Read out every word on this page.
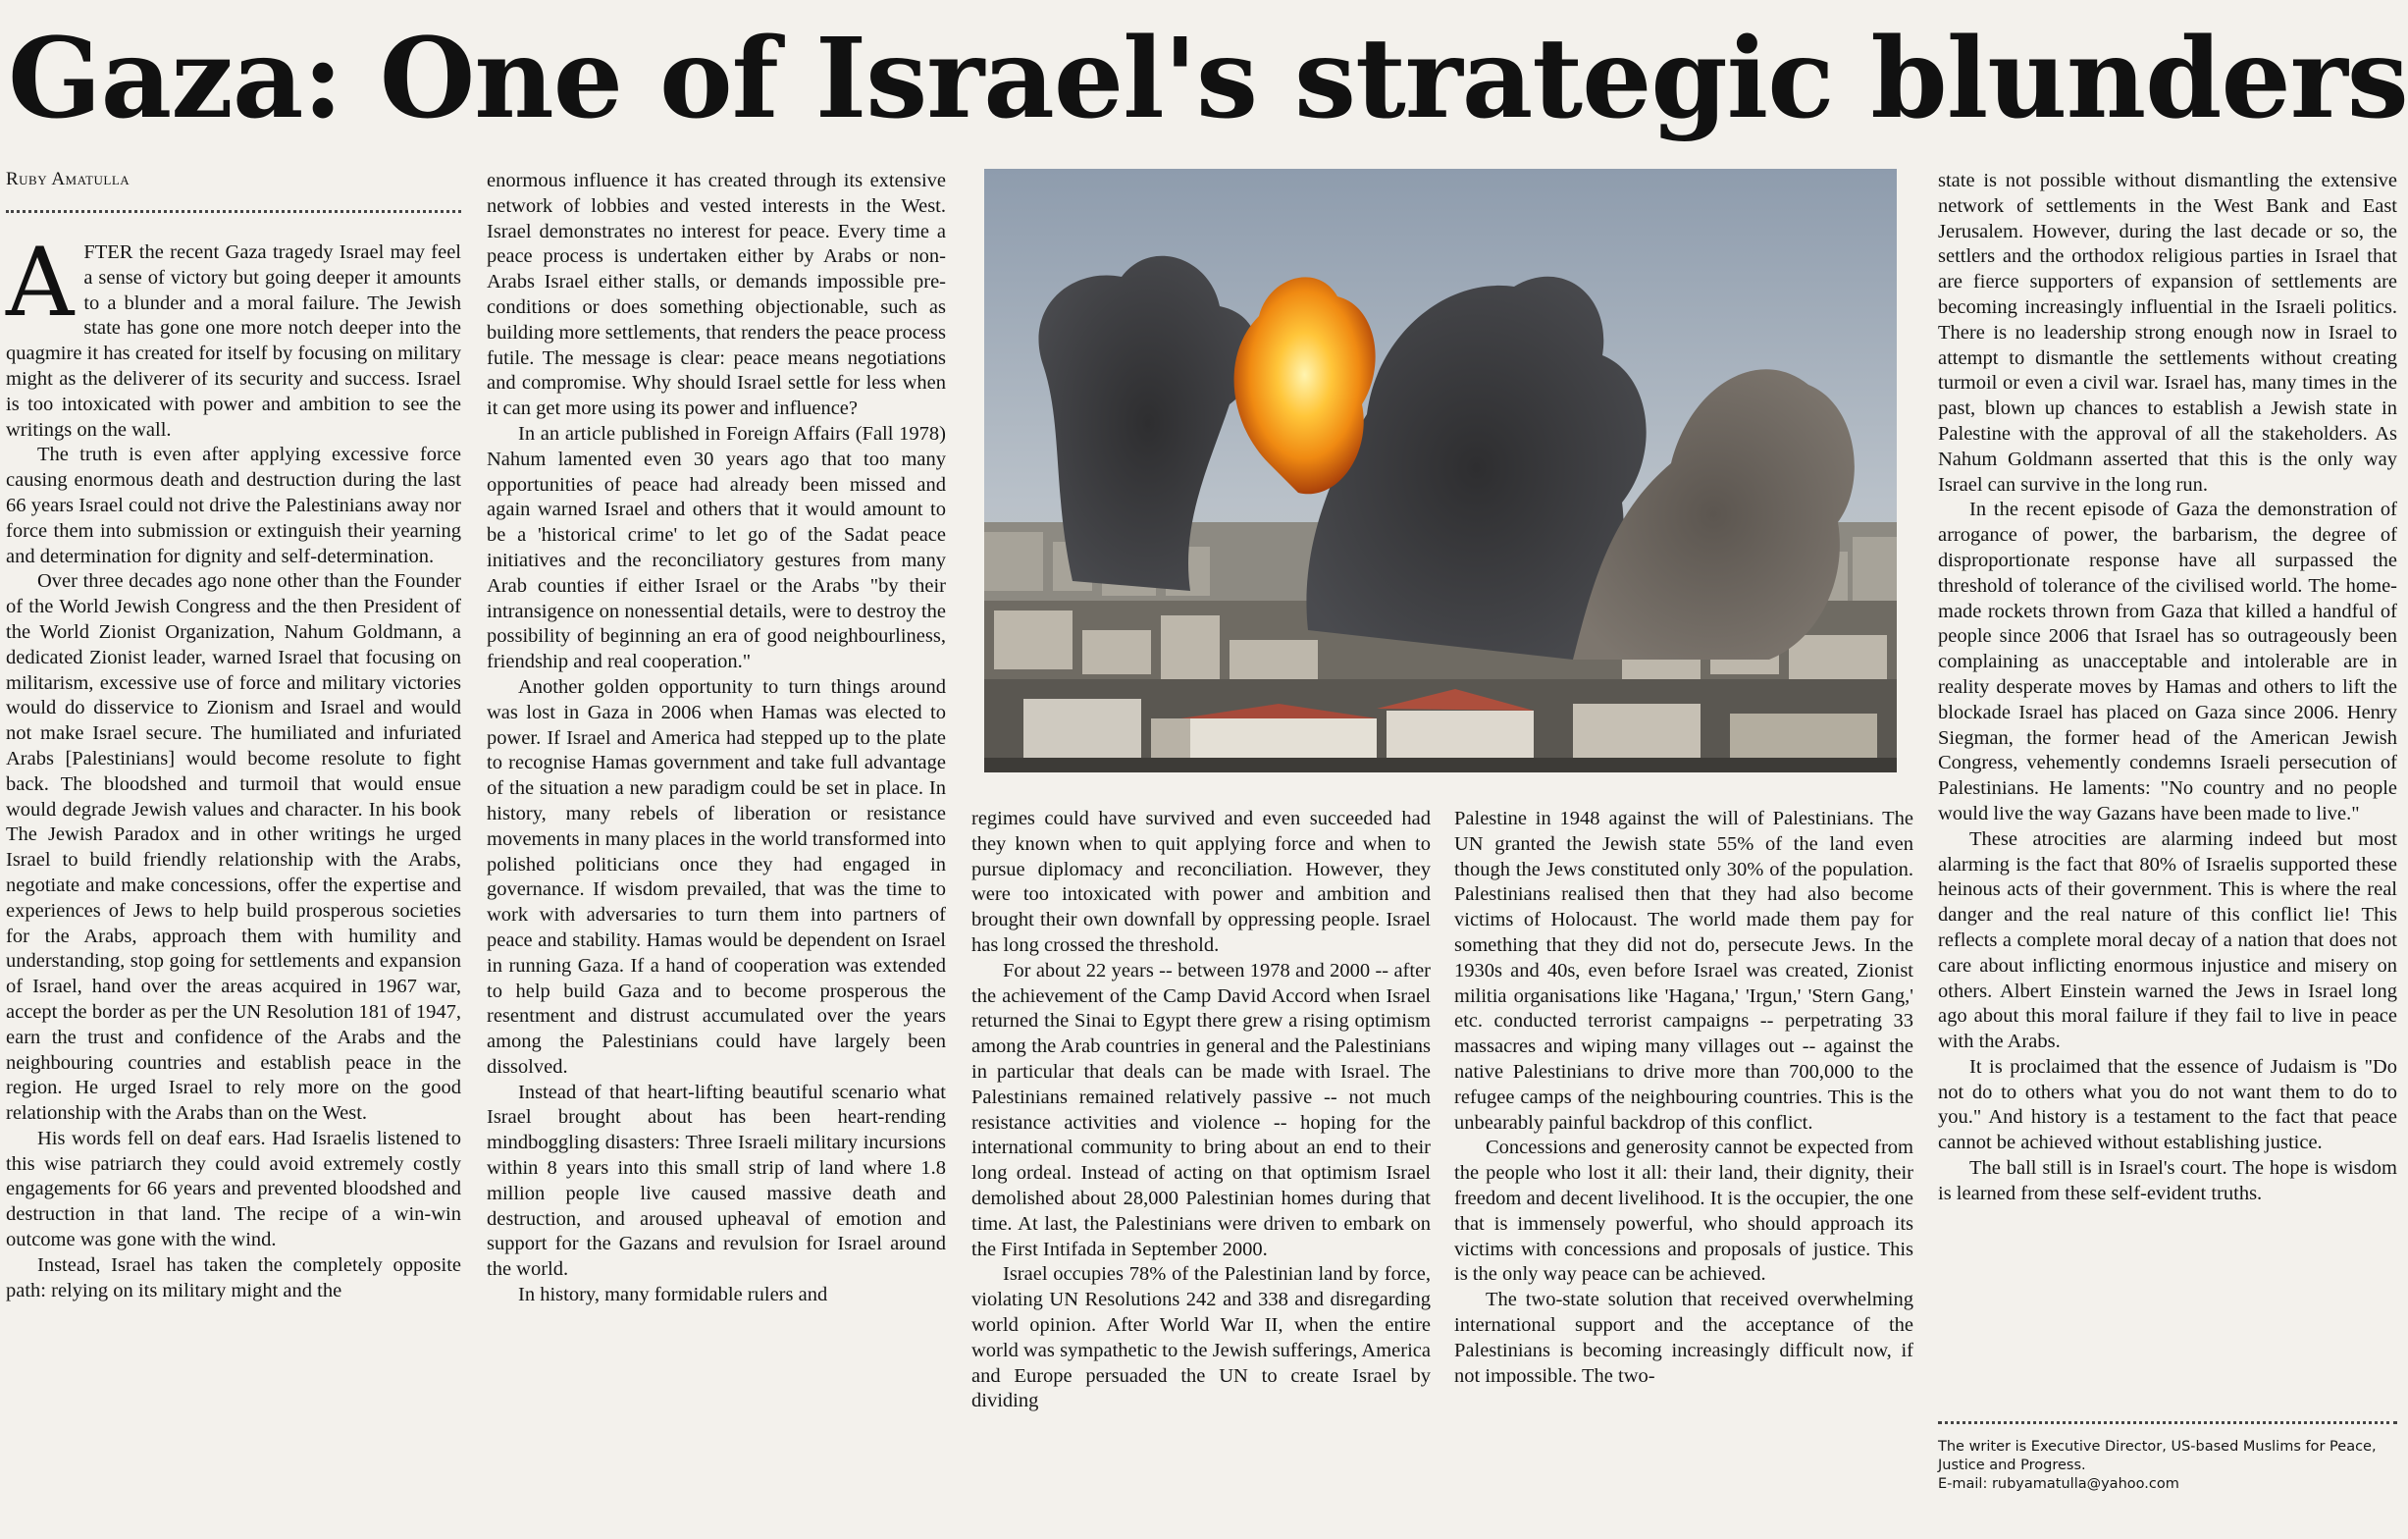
Gaza: One of Israel's strategic blunders
Ruby Amatulla

AFTER the recent Gaza tragedy Israel may feel a sense of victory but going deeper it amounts to a blunder and a moral failure. The Jewish state has gone one more notch deeper into the quagmire it has created for itself by focusing on military might as the deliverer of its security and success. Israel is too intoxicated with power and ambition to see the writings on the wall.

The truth is even after applying excessive force causing enormous death and destruction during the last 66 years Israel could not drive the Palestinians away nor force them into submission or extinguish their yearning and determination for dignity and self-determination.

Over three decades ago none other than the Founder of the World Jewish Congress and the then President of the World Zionist Organization, Nahum Goldmann, a dedicated Zionist leader, warned Israel that focusing on militarism, excessive use of force and military victories would do disservice to Zionism and Israel and would not make Israel secure. The humiliated and infuriated Arabs [Palestinians] would become resolute to fight back. The bloodshed and turmoil that would ensue would degrade Jewish values and character. In his book The Jewish Paradox and in other writings he urged Israel to build friendly relationship with the Arabs, negotiate and make concessions, offer the expertise and experiences of Jews to help build prosperous societies for the Arabs, approach them with humility and understanding, stop going for settlements and expansion of Israel, hand over the areas acquired in 1967 war, accept the border as per the UN Resolution 181 of 1947, earn the trust and confidence of the Arabs and the neighbouring countries and establish peace in the region. He urged Israel to rely more on the good relationship with the Arabs than on the West.

His words fell on deaf ears. Had Israelis listened to this wise patriarch they could avoid extremely costly engagements for 66 years and prevented bloodshed and destruction in that land. The recipe of a win-win outcome was gone with the wind.

Instead, Israel has taken the completely opposite path: relying on its military might and the

enormous influence it has created through its extensive network of lobbies and vested interests in the West. Israel demonstrates no interest for peace. Every time a peace process is undertaken either by Arabs or non-Arabs Israel either stalls, or demands impossible pre-conditions or does something objectionable, such as building more settlements, that renders the peace process futile. The message is clear: peace means negotiations and compromise. Why should Israel settle for less when it can get more using its power and influence?

In an article published in Foreign Affairs (Fall 1978) Nahum lamented even 30 years ago that too many opportunities of peace had already been missed and again warned Israel and others that it would amount to be a 'historical crime' to let go of the Sadat peace initiatives and the reconciliatory gestures from many Arab counties if either Israel or the Arabs "by their intransigence on nonessential details, were to destroy the possibility of beginning an era of good neighbourliness, friendship and real cooperation."

Another golden opportunity to turn things around was lost in Gaza in 2006 when Hamas was elected to power. If Israel and America had stepped up to the plate to recognise Hamas government and take full advantage of the situation a new paradigm could be set in place. In history, many rebels of liberation or resistance movements in many places in the world transformed into polished politicians once they had engaged in governance. If wisdom prevailed, that was the time to work with adversaries to turn them into partners of peace and stability. Hamas would be dependent on Israel in running Gaza. If a hand of cooperation was extended to help build Gaza and to become prosperous the resentment and distrust accumulated over the years among the Palestinians could have largely been dissolved.

Instead of that heart-lifting beautiful scenario what Israel brought about has been heart-rending mindboggling disasters: Three Israeli military incursions within 8 years into this small strip of land where 1.8 million people live caused massive death and destruction, and aroused upheaval of emotion and support for the Gazans and revulsion for Israel around the world.

In history, many formidable rulers and

regimes could have survived and even succeeded had they known when to quit applying force and when to pursue diplomacy and reconciliation. However, they were too intoxicated with power and ambition and brought their own downfall by oppressing people. Israel has long crossed the threshold.

For about 22 years -- between 1978 and 2000 -- after the achievement of the Camp David Accord when Israel returned the Sinai to Egypt there grew a rising optimism among the Arab countries in general and the Palestinians in particular that deals can be made with Israel. The Palestinians remained relatively passive -- not much resistance activities and violence -- hoping for the international community to bring about an end to their long ordeal. Instead of acting on that optimism Israel demolished about 28,000 Palestinian homes during that time. At last, the Palestinians were driven to embark on the First Intifada in September 2000.

Israel occupies 78% of the Palestinian land by force, violating UN Resolutions 242 and 338 and disregarding world opinion. After World War II, when the entire world was sympathetic to the Jewish sufferings, America and Europe persuaded the UN to create Israel by dividing

Palestine in 1948 against the will of Palestinians. The UN granted the Jewish state 55% of the land even though the Jews constituted only 30% of the population. Palestinians realised then that they had also become victims of Holocaust. The world made them pay for something that they did not do, persecute Jews. In the 1930s and 40s, even before Israel was created, Zionist militia organisations like 'Hagana,' 'Irgun,' 'Stern Gang,' etc. conducted terrorist campaigns -- perpetrating 33 massacres and wiping many villages out -- against the native Palestinians to drive more than 700,000 to the refugee camps of the neighbouring countries. This is the unbearably painful backdrop of this conflict.

Concessions and generosity cannot be expected from the people who lost it all: their land, their dignity, their freedom and decent livelihood. It is the occupier, the one that is immensely powerful, who should approach its victims with concessions and proposals of justice. This is the only way peace can be achieved.

The two-state solution that received overwhelming international support and the acceptance of the Palestinians is becoming increasingly difficult now, if not impossible. The two-

state is not possible without dismantling the extensive network of settlements in the West Bank and East Jerusalem. However, during the last decade or so, the settlers and the orthodox religious parties in Israel that are fierce supporters of expansion of settlements are becoming increasingly influential in the Israeli politics. There is no leadership strong enough now in Israel to attempt to dismantle the settlements without creating turmoil or even a civil war. Israel has, many times in the past, blown up chances to establish a Jewish state in Palestine with the approval of all the stakeholders. As Nahum Goldmann asserted that this is the only way Israel can survive in the long run.

In the recent episode of Gaza the demonstration of arrogance of power, the barbarism, the degree of disproportionate response have all surpassed the threshold of tolerance of the civilised world. The home-made rockets thrown from Gaza that killed a handful of people since 2006 that Israel has so outrageously been complaining as unacceptable and intolerable are in reality desperate moves by Hamas and others to lift the blockade Israel has placed on Gaza since 2006. Henry Siegman, the former head of the American Jewish Congress, vehemently condemns Israeli persecution of Palestinians. He laments: "No country and no people would live the way Gazans have been made to live."

These atrocities are alarming indeed but most alarming is the fact that 80% of Israelis supported these heinous acts of their government. This is where the real danger and the real nature of this conflict lie! This reflects a complete moral decay of a nation that does not care about inflicting enormous injustice and misery on others. Albert Einstein warned the Jews in Israel long ago about this moral failure if they fail to live in peace with the Arabs.

It is proclaimed that the essence of Judaism is "Do not do to others what you do not want them to do to you." And history is a testament to the fact that peace cannot be achieved without establishing justice.

The ball still is in Israel's court. The hope is wisdom is learned from these self-evident truths.

The writer is Executive Director, US-based Muslims for Peace, Justice and Progress.
E-mail: rubyamatulla@yahoo.com
